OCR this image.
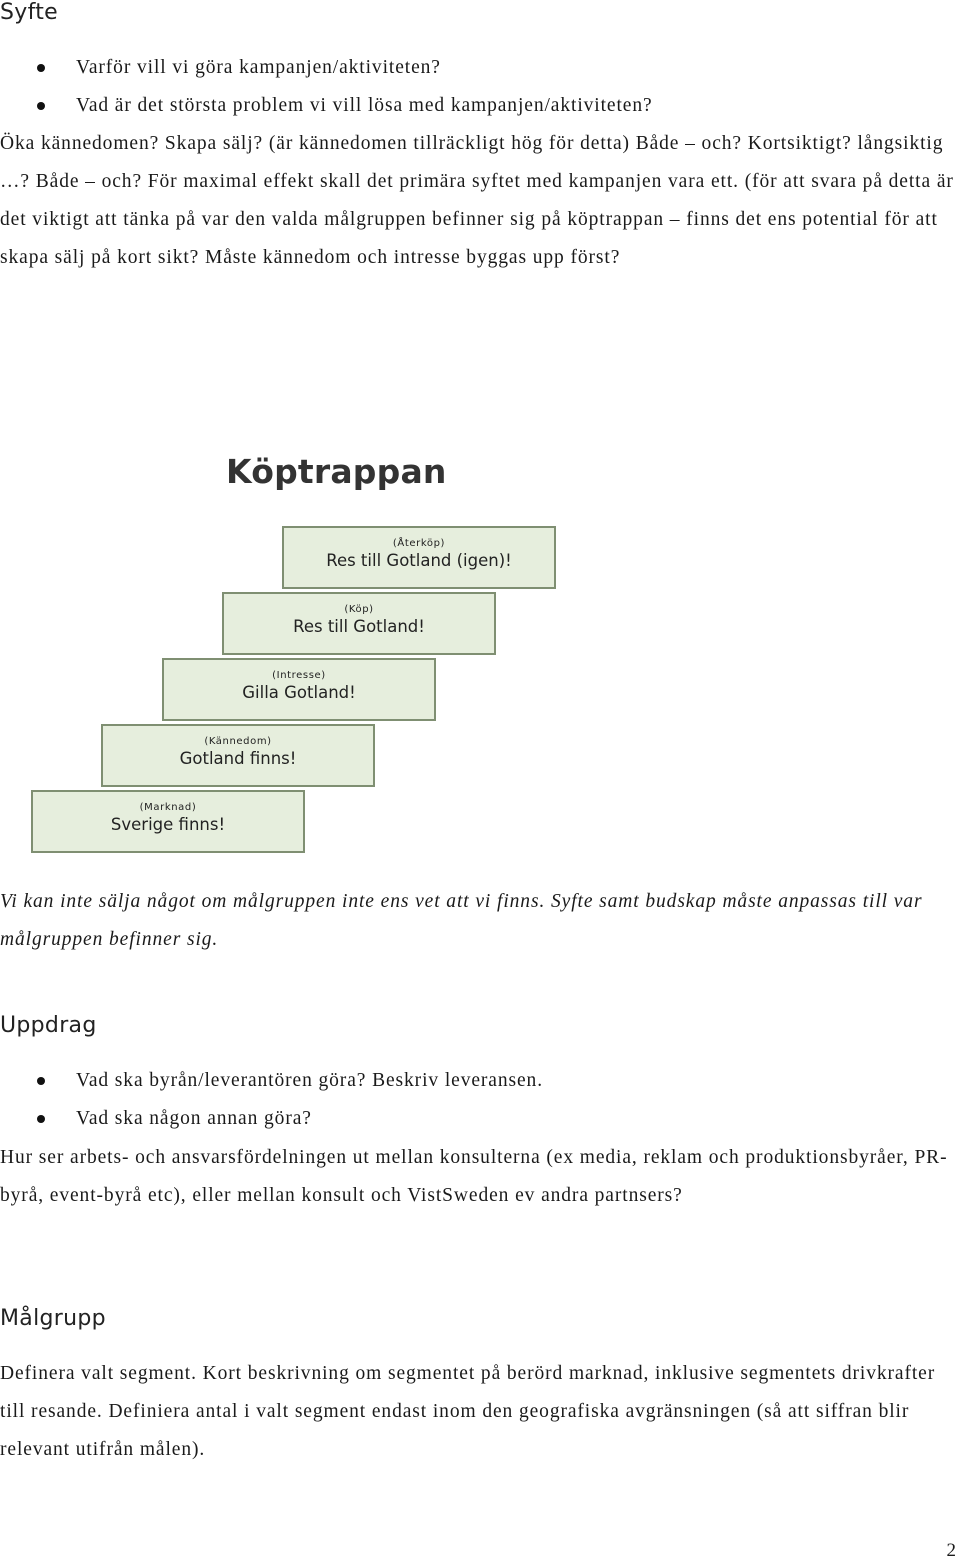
Syfte
Varför vill vi göra kampanjen/aktiviteten?
Vad är det största problem vi vill lösa med kampanjen/aktiviteten?

Öka kännedomen? Skapa sälj? (är kännedomen tillräckligt hög för detta) Både – och? Kortsiktigt? långsiktig …? Både – och? För maximal effekt skall det primära syftet med kampanjen vara ett. (för att svara på detta är det viktigt att tänka på var den valda målgruppen befinner sig på köptrappan – finns det ens potential för att skapa sälj på kort sikt? Måste kännedom och intresse byggas upp först?

Köptrappan
(Återköp)
Res till Gotland (igen)!
(Köp)
Res till Gotland!
(Intresse)
Gilla Gotland!
(Kännedom)
Gotland finns!
(Marknad)
Sverige finns!

Vi kan inte sälja något om målgruppen inte ens vet att vi finns. Syfte samt budskap måste anpassas till var målgruppen befinner sig.

Uppdrag
Vad ska byrån/leverantören göra? Beskriv leveransen.
Vad ska någon annan göra?

Hur ser arbets- och ansvarsfördelningen ut mellan konsulterna (ex media, reklam och produktionsbyråer, PR-byrå, event-byrå etc), eller mellan konsult och VistSweden ev andra partnsers?

Målgrupp

Definera valt segment. Kort beskrivning om segmentet på berörd marknad, inklusive segmentets drivkrafter till resande. Definiera antal i valt segment endast inom den geografiska avgränsningen (så att siffran blir relevant utifrån målen).

2
